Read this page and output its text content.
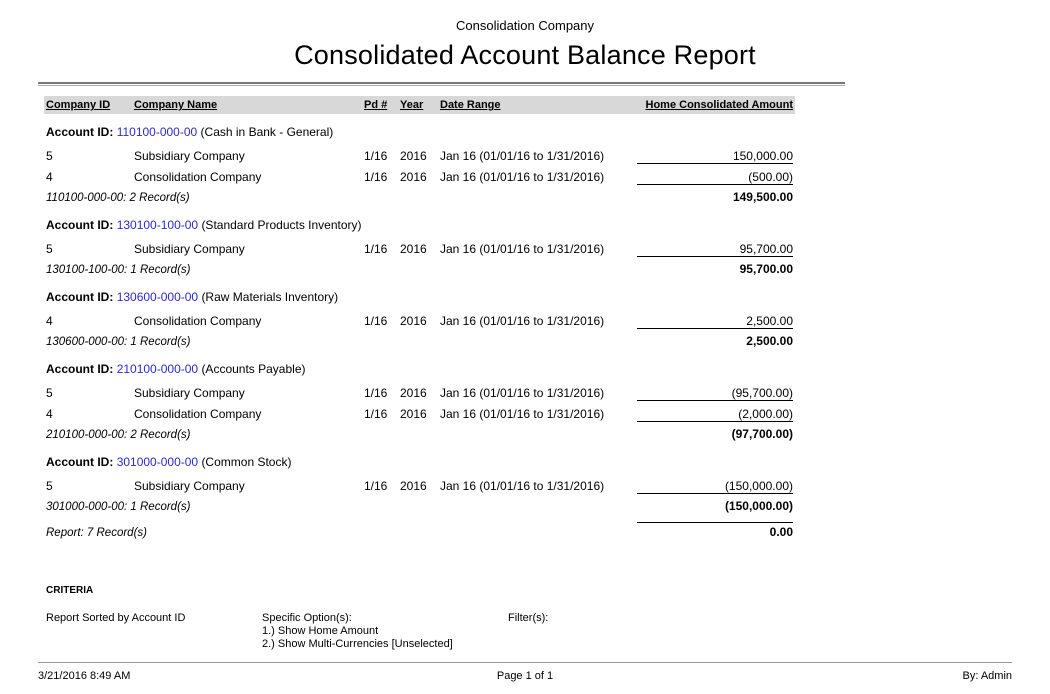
Consolidation Company
Consolidated Account Balance Report
Company ID	Company Name	Pd #	Year	Date Range	Home Consolidated Amount
Account ID: 110100-000-00 (Cash in Bank - General)
5	Subsidiary Company	1/16	2016	Jan 16 (01/01/16 to 1/31/2016)	150,000.00
4	Consolidation Company	1/16	2016	Jan 16 (01/01/16 to 1/31/2016)	(500.00)
110100-000-00: 2 Record(s)	149,500.00
Account ID: 130100-100-00 (Standard Products Inventory)
5	Subsidiary Company	1/16	2016	Jan 16 (01/01/16 to 1/31/2016)	95,700.00
130100-100-00: 1 Record(s)	95,700.00
Account ID: 130600-000-00 (Raw Materials Inventory)
4	Consolidation Company	1/16	2016	Jan 16 (01/01/16 to 1/31/2016)	2,500.00
130600-000-00: 1 Record(s)	2,500.00
Account ID: 210100-000-00 (Accounts Payable)
5	Subsidiary Company	1/16	2016	Jan 16 (01/01/16 to 1/31/2016)	(95,700.00)
4	Consolidation Company	1/16	2016	Jan 16 (01/01/16 to 1/31/2016)	(2,000.00)
210100-000-00: 2 Record(s)	(97,700.00)
Account ID: 301000-000-00 (Common Stock)
5	Subsidiary Company	1/16	2016	Jan 16 (01/01/16 to 1/31/2016)	(150,000.00)
301000-000-00: 1 Record(s)	(150,000.00)
Report: 7 Record(s)	0.00
CRITERIA
Report Sorted by Account ID	Specific Option(s):
1.) Show Home Amount
2.) Show Multi-Currencies [Unselected]
Filter(s):
3/21/2016 8:49 AM	Page 1 of 1	By: Admin
